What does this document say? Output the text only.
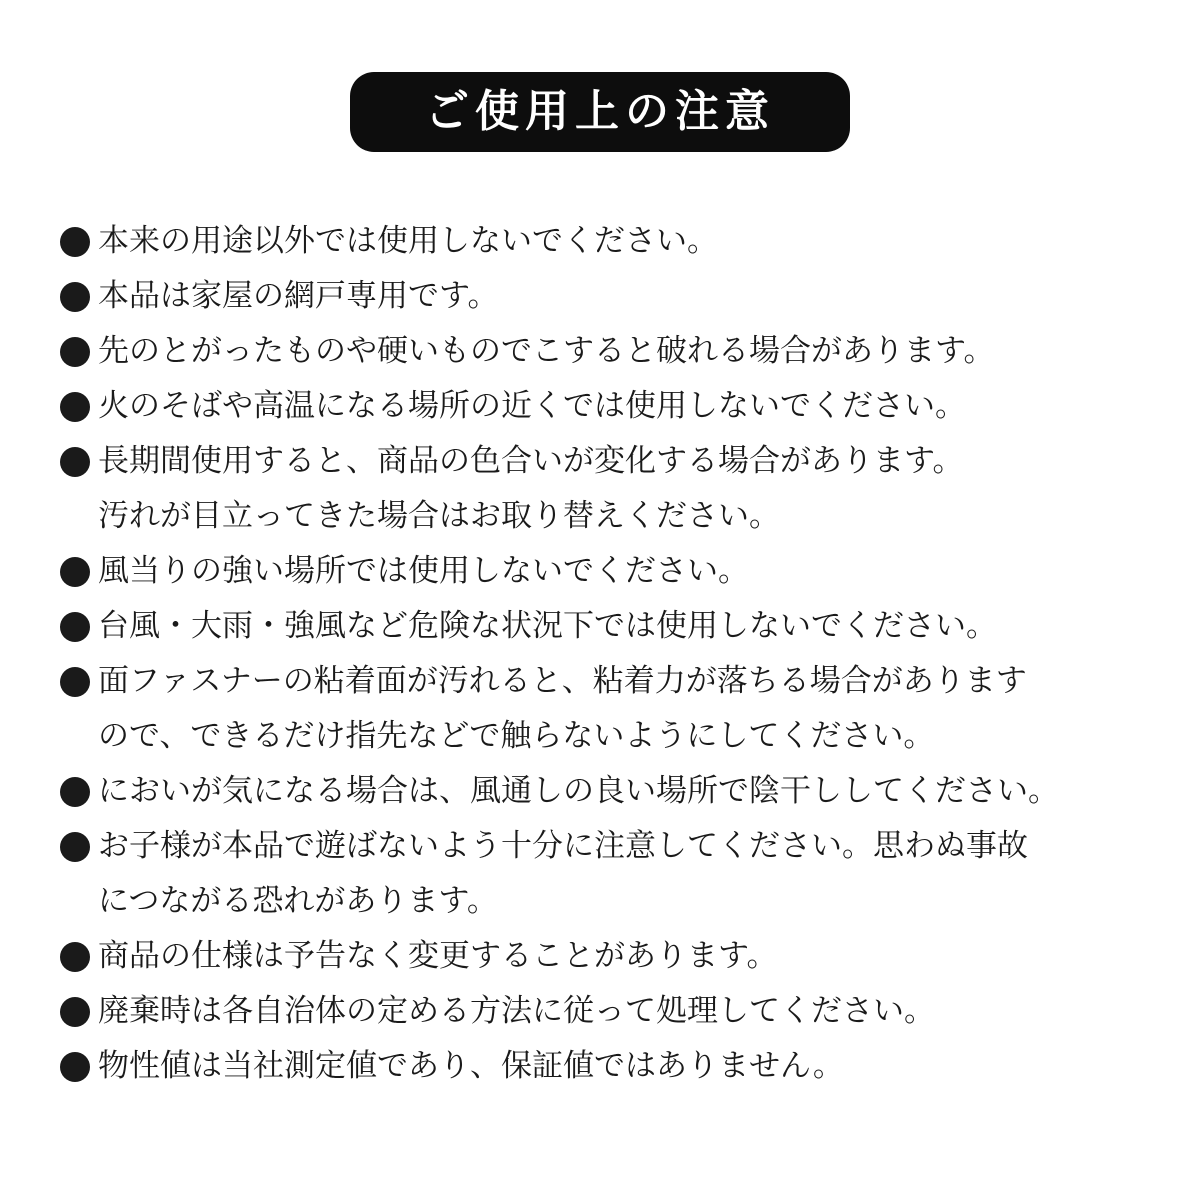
ご使用上の注意
本来の用途以外では使用しないでください。
本品は家屋の網戸専用です。
先のとがったものや硬いものでこすると破れる場合があります。
火のそばや高温になる場所の近くでは使用しないでください。
長期間使用すると、商品の色合いが変化する場合があります。
汚れが目立ってきた場合はお取り替えください。
風当りの強い場所では使用しないでください。
台風・大雨・強風など危険な状況下では使用しないでください。
面ファスナーの粘着面が汚れると、粘着力が落ちる場合があります
ので、できるだけ指先などで触らないようにしてください。
においが気になる場合は、風通しの良い場所で陰干ししてください。
お子様が本品で遊ばないよう十分に注意してください。思わぬ事故
につながる恐れがあります。
商品の仕様は予告なく変更することがあります。
廃棄時は各自治体の定める方法に従って処理してください。
物性値は当社測定値であり、保証値ではありません。
